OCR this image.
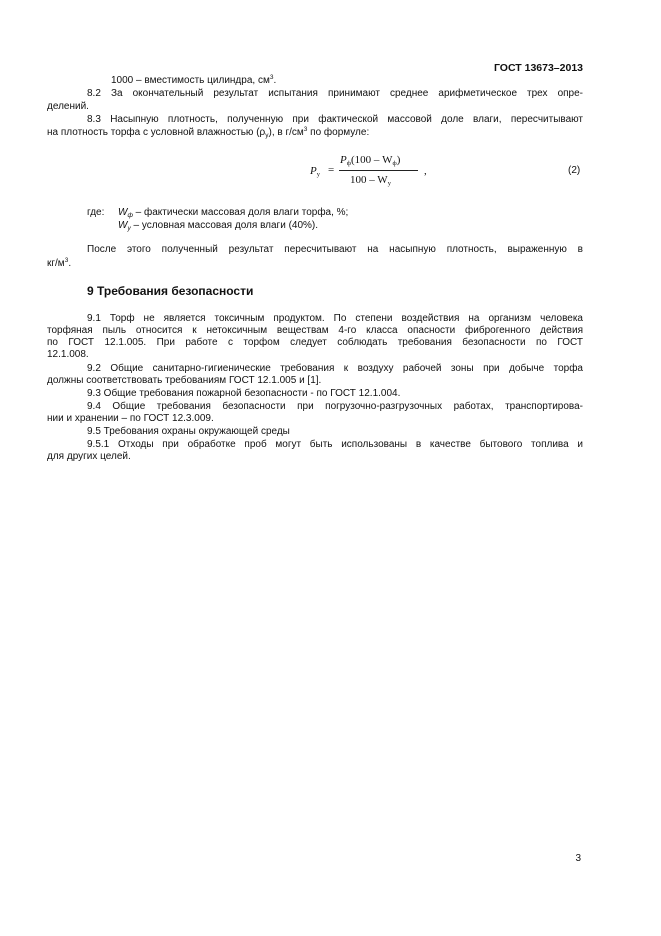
ГОСТ 13673–2013
1000 – вместимость цилиндра, $см^3$.
8.2 За окончательный результат испытания принимают среднее арифметическое трех опре-
делений.
8.3 Насыпную плотность, полученную при фактической массовой доле влаги, пересчитывают
на плотность торфа с условной влажностью $(\rho_у)$, в $г/см^3$ по формуле:
$P_у$ =
$P_ф(100 - W_ф)$
$100 - W_у$
,	(2)
где: $W_ф$ – фактически массовая доля влаги торфа, %;
$W_у$ – условная массовая доля влаги (40%).
После этого полученный результат пересчитывают на насыпную плотность, выраженную в
$кг/м^3$.
9 Требования безопасности
9.1 Торф не является токсичным продуктом. По степени воздействия на организм человека
торфяная пыль относится к нетоксичным веществам 4-го класса опасности фиброгенного действия
по ГОСТ 12.1.005. При работе с торфом следует соблюдать требования безопасности по ГОСТ
12.1.008.
9.2 Общие санитарно-гигиенические требования к воздуху рабочей зоны при добыче торфа
должны соответствовать требованиям ГОСТ 12.1.005 и [1].
9.3 Общие требования пожарной безопасности - по ГОСТ 12.1.004.
9.4 Общие требования безопасности при погрузочно-разгрузочных работах, транспортирова-
нии и хранении – по ГОСТ 12.3.009.
9.5 Требования охраны окружающей среды
9.5.1 Отходы при обработке проб могут быть использованы в качестве бытового топлива и
для других целей.
3
